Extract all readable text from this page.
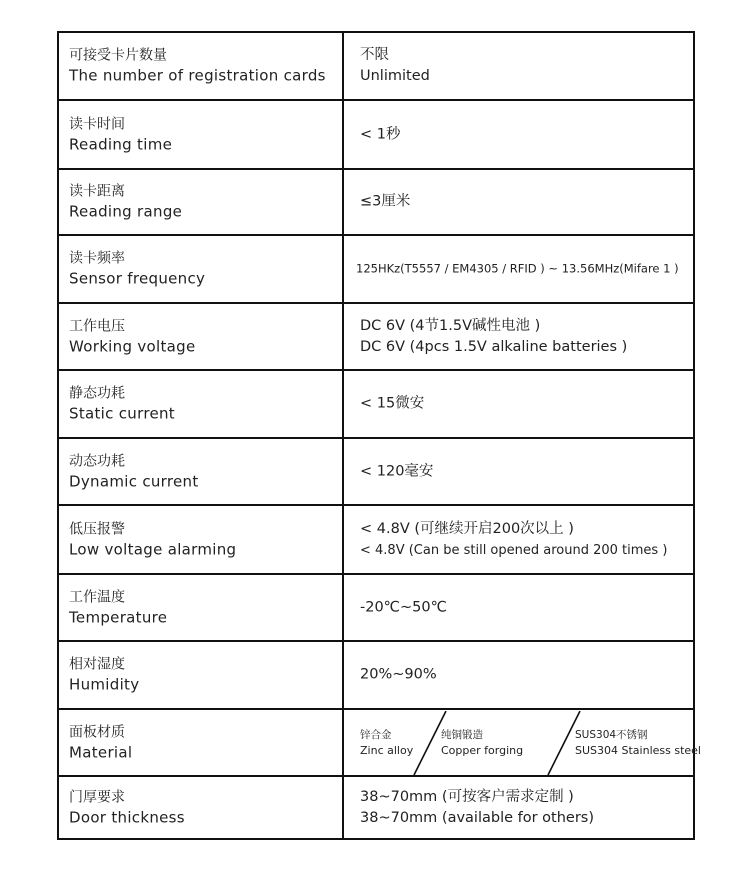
可接受卡片数量
The number of registration cards
不限
Unlimited
读卡时间
Reading time
< 1秒
读卡距离
Reading range
≤3厘米
读卡频率
Sensor frequency
125HKz(T5557 / EM4305 / RFID ) ~ 13.56MHz(Mifare 1 )
工作电压
Working voltage
DC 6V (4节1.5V碱性电池 )
DC 6V (4pcs 1.5V alkaline batteries )
静态功耗
Static current
< 15微安
动态功耗
Dynamic current
< 120毫安
低压报警
Low voltage alarming
< 4.8V (可继续开启200次以上 )
< 4.8V (Can be still opened around 200 times )
工作温度
Temperature
-20℃~50℃
相对湿度
Humidity
20%~90%
面板材质
Material
锌合金
Zinc alloy
纯铜锻造
Copper forging
SUS304不锈钢
SUS304 Stainless steel
门厚要求
Door thickness
38~70mm (可按客户需求定制 )
38~70mm (available for others)
